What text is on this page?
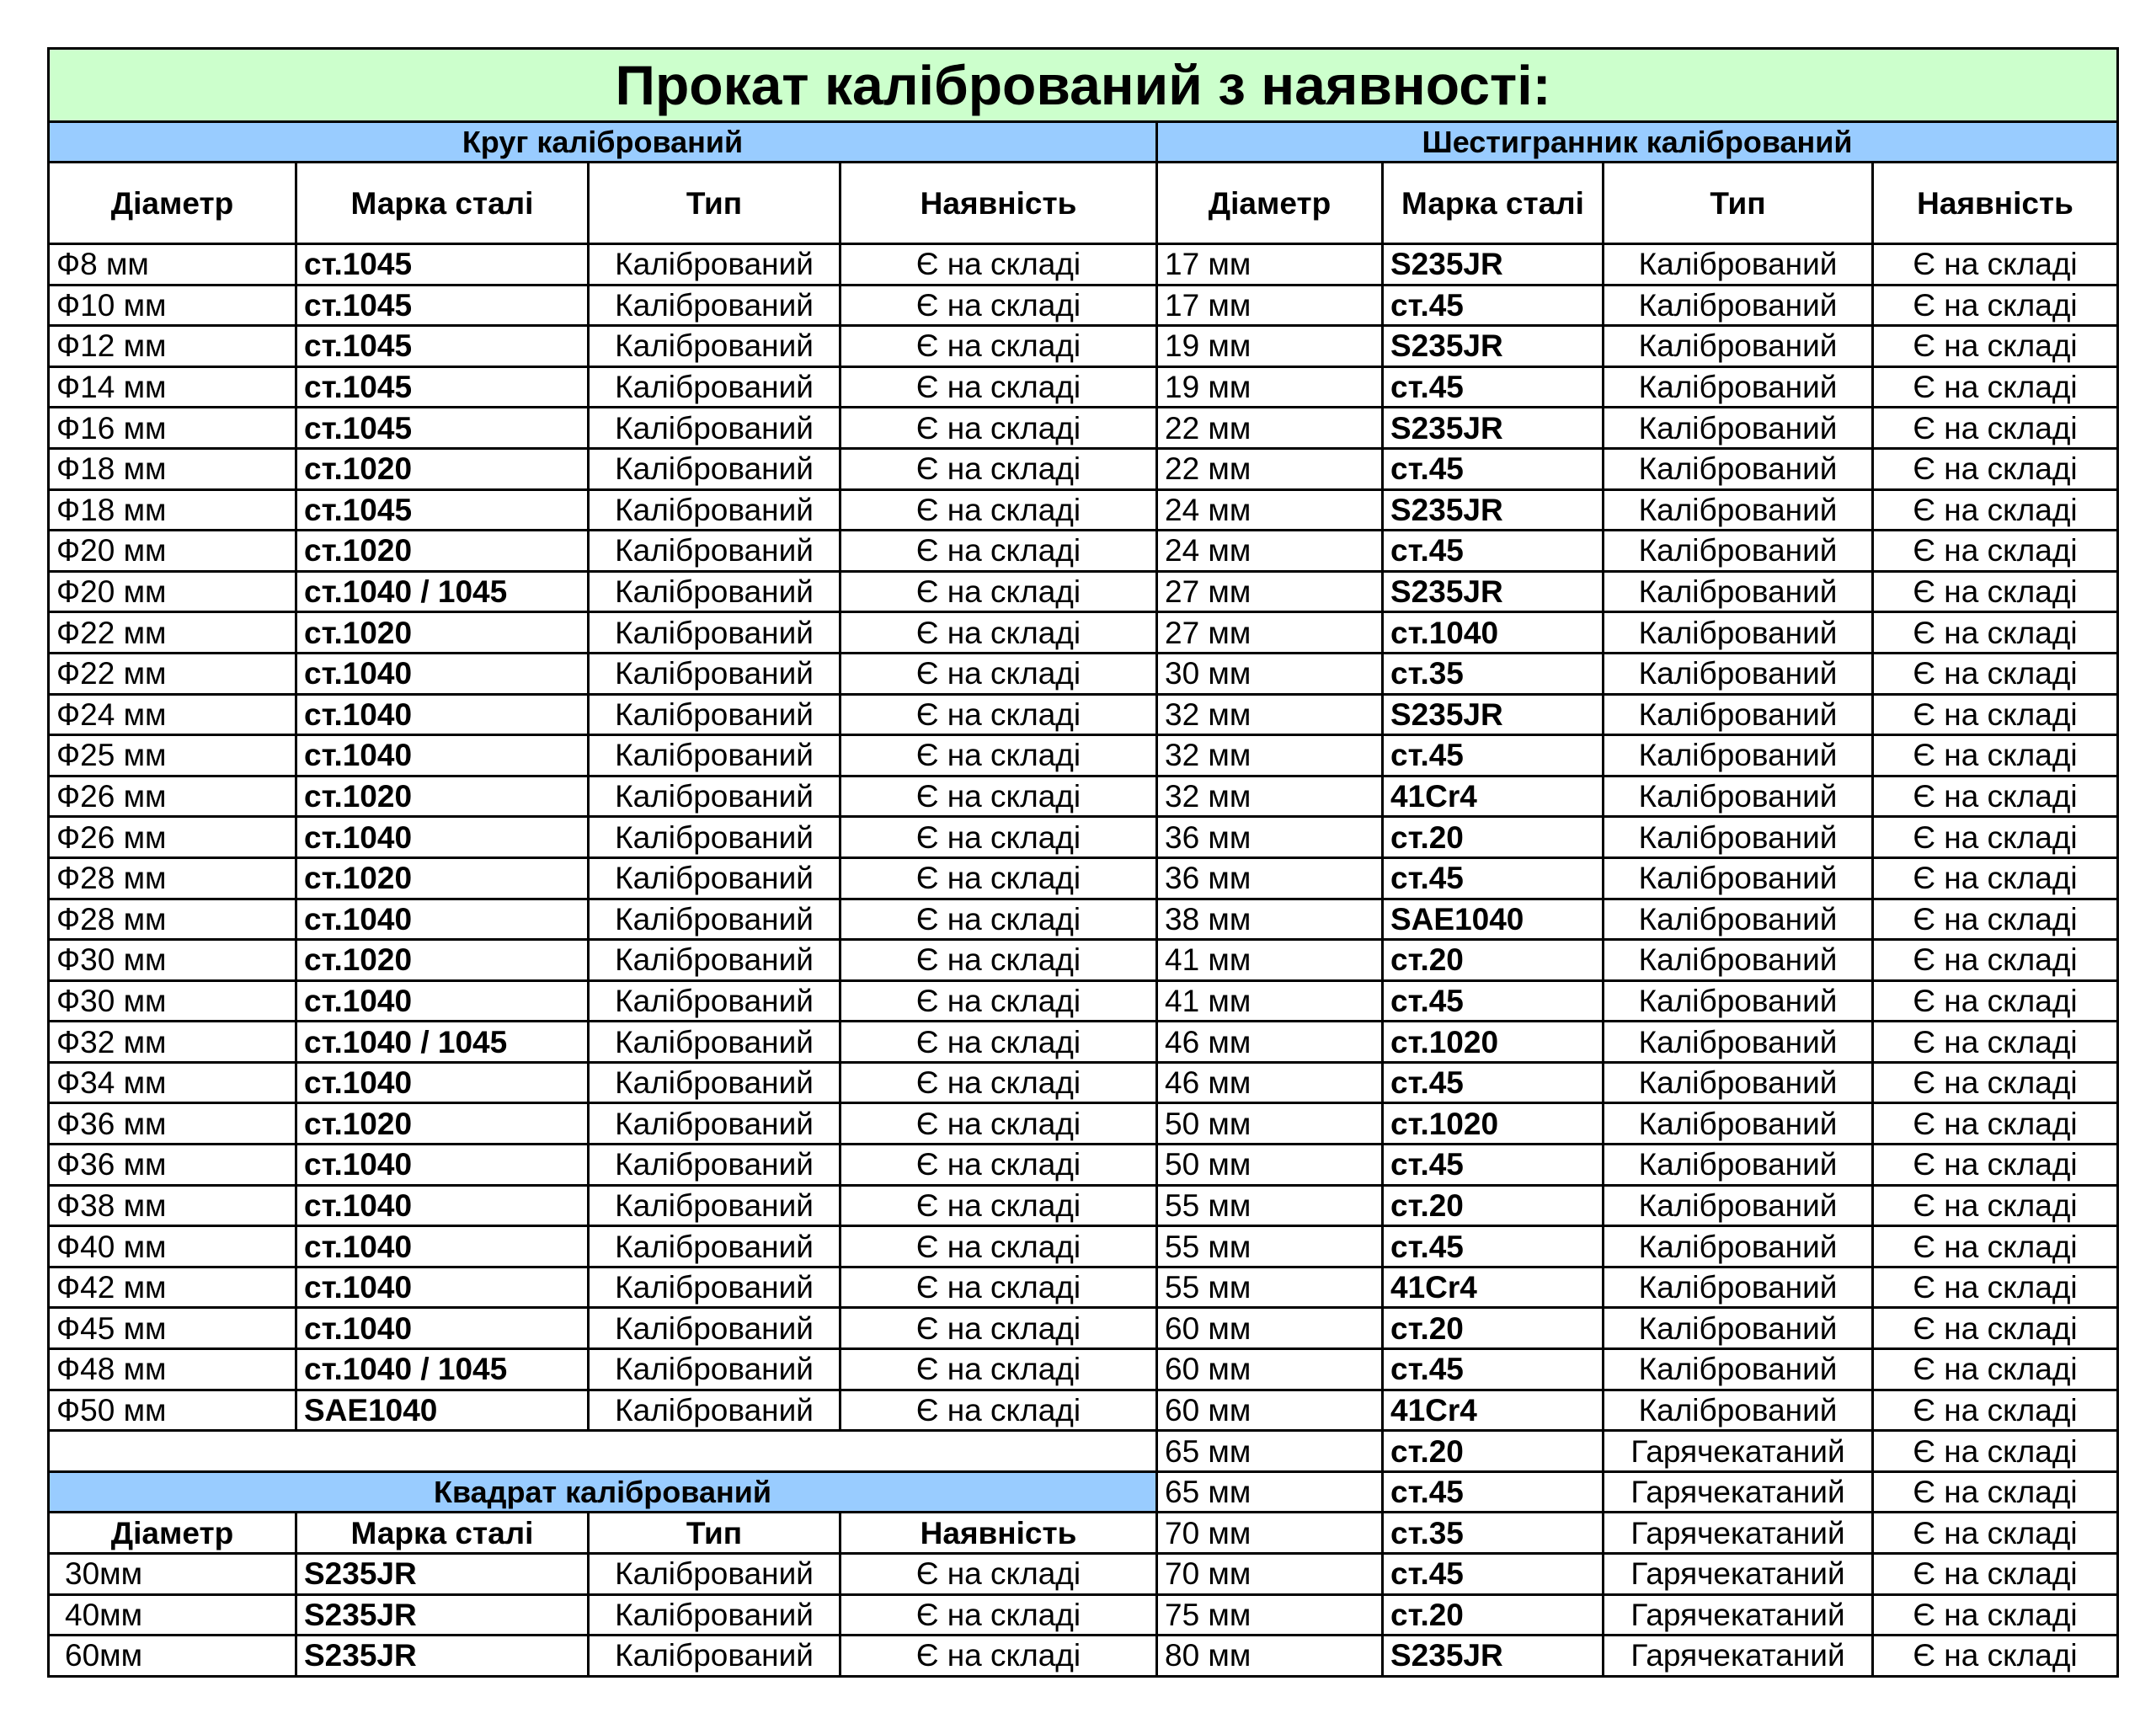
Прокат калібрований з наявності:							
Круг калібрований				Шестигранник калібрований			
Діаметр	Марка сталі	Тип	Наявність	Діаметр	Марка сталі	Тип	Наявність
Ф8 мм	ст.1045	Калібрований	Є на складі	17 мм	S235JR	Калібрований	Є на складі
Ф10 мм	ст.1045	Калібрований	Є на складі	17 мм	ст.45	Калібрований	Є на складі
Ф12 мм	ст.1045	Калібрований	Є на складі	19 мм	S235JR	Калібрований	Є на складі
Ф14 мм	ст.1045	Калібрований	Є на складі	19 мм	ст.45	Калібрований	Є на складі
Ф16 мм	ст.1045	Калібрований	Є на складі	22 мм	S235JR	Калібрований	Є на складі
Ф18 мм	ст.1020	Калібрований	Є на складі	22 мм	ст.45	Калібрований	Є на складі
Ф18 мм	ст.1045	Калібрований	Є на складі	24 мм	S235JR	Калібрований	Є на складі
Ф20 мм	ст.1020	Калібрований	Є на складі	24 мм	ст.45	Калібрований	Є на складі
Ф20 мм	ст.1040 / 1045	Калібрований	Є на складі	27 мм	S235JR	Калібрований	Є на складі
Ф22 мм	ст.1020	Калібрований	Є на складі	27 мм	ст.1040	Калібрований	Є на складі
Ф22 мм	ст.1040	Калібрований	Є на складі	30 мм	ст.35	Калібрований	Є на складі
Ф24 мм	ст.1040	Калібрований	Є на складі	32 мм	S235JR	Калібрований	Є на складі
Ф25 мм	ст.1040	Калібрований	Є на складі	32 мм	ст.45	Калібрований	Є на складі
Ф26 мм	ст.1020	Калібрований	Є на складі	32 мм	41Cr4	Калібрований	Є на складі
Ф26 мм	ст.1040	Калібрований	Є на складі	36 мм	ст.20	Калібрований	Є на складі
Ф28 мм	ст.1020	Калібрований	Є на складі	36 мм	ст.45	Калібрований	Є на складі
Ф28 мм	ст.1040	Калібрований	Є на складі	38 мм	SAE1040	Калібрований	Є на складі
Ф30 мм	ст.1020	Калібрований	Є на складі	41 мм	ст.20	Калібрований	Є на складі
Ф30 мм	ст.1040	Калібрований	Є на складі	41 мм	ст.45	Калібрований	Є на складі
Ф32 мм	ст.1040 / 1045	Калібрований	Є на складі	46 мм	ст.1020	Калібрований	Є на складі
Ф34 мм	ст.1040	Калібрований	Є на складі	46 мм	ст.45	Калібрований	Є на складі
Ф36 мм	ст.1020	Калібрований	Є на складі	50 мм	ст.1020	Калібрований	Є на складі
Ф36 мм	ст.1040	Калібрований	Є на складі	50 мм	ст.45	Калібрований	Є на складі
Ф38 мм	ст.1040	Калібрований	Є на складі	55 мм	ст.20	Калібрований	Є на складі
Ф40 мм	ст.1040	Калібрований	Є на складі	55 мм	ст.45	Калібрований	Є на складі
Ф42 мм	ст.1040	Калібрований	Є на складі	55 мм	41Cr4	Калібрований	Є на складі
Ф45 мм	ст.1040	Калібрований	Є на складі	60 мм	ст.20	Калібрований	Є на складі
Ф48 мм	ст.1040 / 1045	Калібрований	Є на складі	60 мм	ст.45	Калібрований	Є на складі
Ф50 мм	SAE1040	Калібрований	Є на складі	60 мм	41Cr4	Калібрований	Є на складі
				65 мм	ст.20	Гарячекатаний	Є на складі
Квадрат калібрований				65 мм	ст.45	Гарячекатаний	Є на складі
Діаметр	Марка сталі	Тип	Наявність	70 мм	ст.35	Гарячекатаний	Є на складі
30мм	S235JR	Калібрований	Є на складі	70 мм	ст.45	Гарячекатаний	Є на складі
40мм	S235JR	Калібрований	Є на складі	75 мм	ст.20	Гарячекатаний	Є на складі
60мм	S235JR	Калібрований	Є на складі	80 мм	S235JR	Гарячекатаний	Є на складі
